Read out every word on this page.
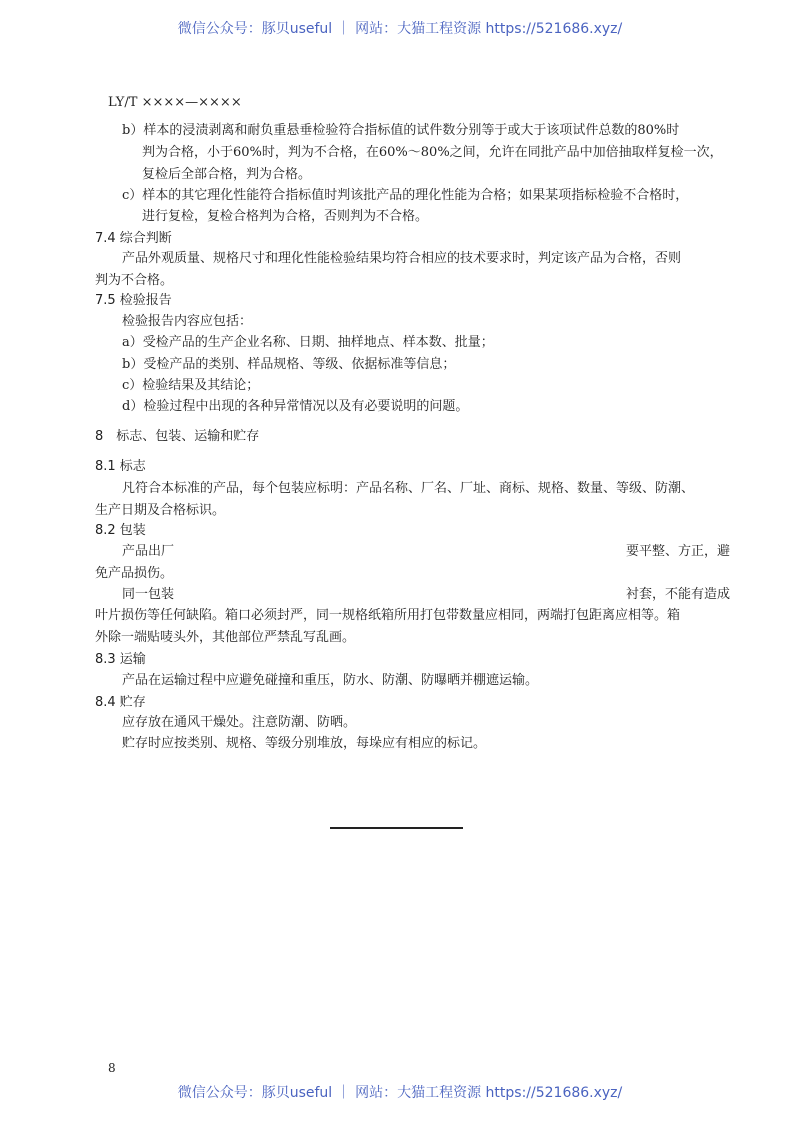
微信公众号：豚贝useful ｜ 网站：大猫工程资源 https://521686.xyz/
LY/T ××××—××××
b）样本的浸渍剥离和耐负重悬垂检验符合指标值的试件数分别等于或大于该项试件总数的80%时
判为合格，小于60%时，判为不合格，在60%～80%之间，允许在同批产品中加倍抽取样复检一次，
复检后全部合格，判为合格。
c）样本的其它理化性能符合指标值时判该批产品的理化性能为合格；如果某项指标检验不合格时，
进行复检，复检合格判为合格，否则判为不合格。
7.4 综合判断
产品外观质量、规格尺寸和理化性能检验结果均符合相应的技术要求时，判定该产品为合格，否则
判为不合格。
7.5 检验报告
检验报告内容应包括：
a）受检产品的生产企业名称、日期、抽样地点、样本数、批量；
b）受检产品的类别、样品规格、等级、依据标准等信息；
c）检验结果及其结论；
d）检验过程中出现的各种异常情况以及有必要说明的问题。
8　标志、包装、运输和贮存
8.1 标志
凡符合本标准的产品，每个包装应标明：产品名称、厂名、厂址、商标、规格、数量、等级、防潮、
生产日期及合格标识。
8.2 包装
产品出厂	要平整、方正，避
免产品损伤。
同一包装	衬套，不能有造成
叶片损伤等任何缺陷。箱口必须封严，同一规格纸箱所用打包带数量应相同，两端打包距离应相等。箱
外除一端贴唛头外，其他部位严禁乱写乱画。
8.3 运输
产品在运输过程中应避免碰撞和重压，防水、防潮、防曝晒并棚遮运输。
8.4 贮存
应存放在通风干燥处。注意防潮、防晒。
贮存时应按类别、规格、等级分别堆放，每垛应有相应的标记。
8
微信公众号：豚贝useful ｜ 网站：大猫工程资源 https://521686.xyz/
